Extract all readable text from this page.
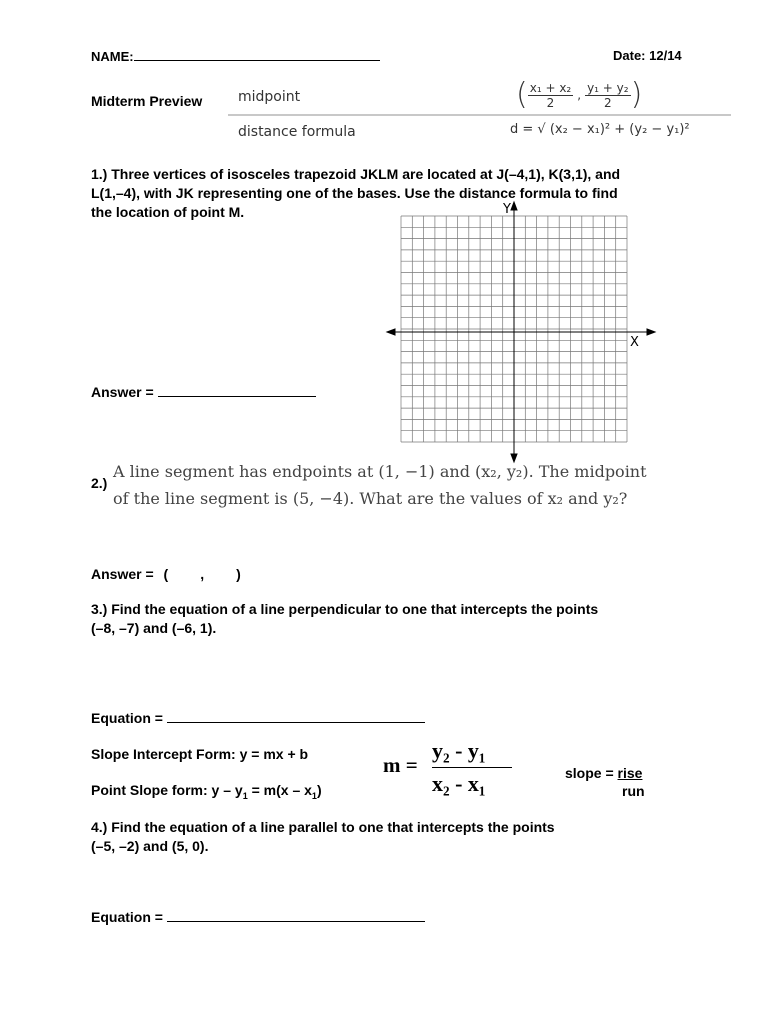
NAME:	Date: 12/14
Midterm Preview	midpoint	( $\frac{\text{x₁ + x₂}}{2}$ , $\frac{\text{y₁ + y₂}}{2}$ )
distance formula	d = √ (x₂ − x₁)² + (y₂ − y₁)²
1.) Three vertices of isosceles trapezoid JKLM are located at J(–4,1), K(3,1), and
L(1,–4), with JK representing one of the bases. Use the distance formula to find
the location of point M.	Y
X
Answer =
2.)
A line segment has endpoints at (1, −1) and (x₂, y₂). The midpoint
of the line segment is (5, −4). What are the values of x₂ and y₂?
Answer = ( , )
3.) Find the equation of a line perpendicular to one that intercepts the points
(–8, –7) and (–6, 1).
Equation =
Slope Intercept Form: y = mx + b
Point Slope form: $y - y_1 = m(x - x_1)$
$m = \frac{\text{y₂ - y₁}}{\text{x₂ - x₁}}$	slope = rise
run
4.) Find the equation of a line parallel to one that intercepts the points
(–5, –2) and (5, 0).
Equation =
